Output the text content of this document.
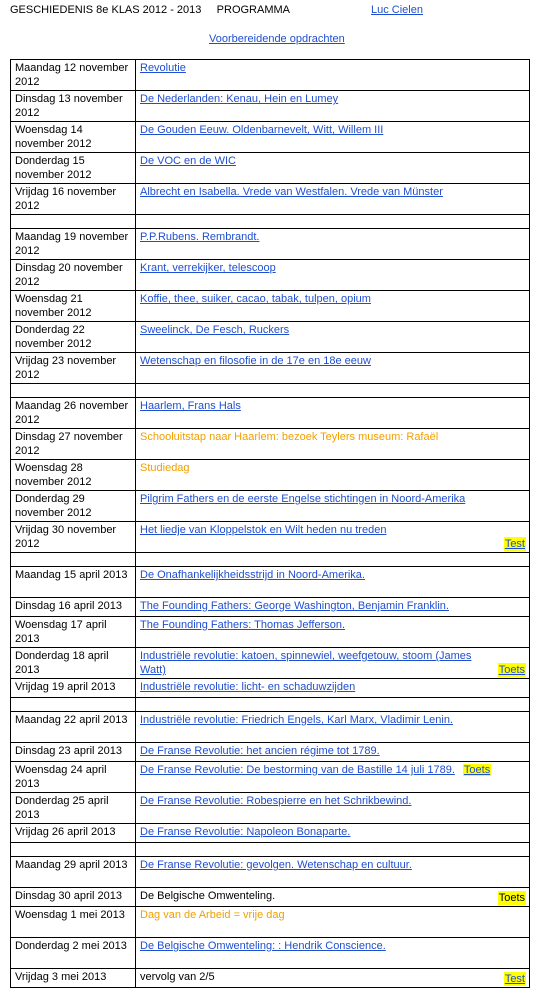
GESCHIEDENIS 8e KLAS 2012 - 2013     PROGRAMMA	Luc Cielen
Voorbereidende opdrachten
Maandag 12 november 2012	Revolutie
Dinsdag 13 november 2012	De Nederlanden: Kenau, Hein en Lumey
Woensdag 14 november 2012	De Gouden Eeuw. Oldenbarnevelt, Witt, Willem III
Donderdag 15 november 2012	De VOC en de WIC
Vrijdag 16 november 2012	Albrecht en Isabella. Vrede van Westfalen. Vrede van Münster

Maandag 19 november 2012	P.P.Rubens. Rembrandt.
Dinsdag 20 november 2012	Krant, verrekijker, telescoop
Woensdag 21 november 2012	Koffie, thee, suiker, cacao, tabak, tulpen, opium
Donderdag 22 november 2012	Sweelinck, De Fesch, Ruckers
Vrijdag 23 november 2012	Wetenschap en filosofie in de 17e en 18e eeuw

Maandag 26 november 2012	Haarlem, Frans Hals
Dinsdag 27 november 2012	Schooluitstap naar Haarlem: bezoek Teylers museum: Rafaël
Woensdag 28 november 2012	Studiedag
Donderdag 29 november 2012	Pilgrim Fathers en de eerste Engelse stichtingen in Noord-Amerika
Vrijdag 30 november 2012	Het liedje van Kloppelstok en Wilt heden nu treden
Test

Maandag 15 april 2013	De Onafhankelijkheidsstrijd in Noord-Amerika.
Dinsdag 16 april 2013	The Founding Fathers: George Washington, Benjamin Franklin.
Woensdag 17 april 2013	The Founding Fathers: Thomas Jefferson.
Donderdag 18 april 2013	Industriële revolutie: katoen, spinnewiel, weefgetouw, stoom (James Watt) Toets

Vrijdag 19 april 2013	Industriële revolutie: licht- en schaduwzijden

Maandag 22 april 2013	Industriële revolutie: Friedrich Engels, Karl Marx, Vladimir Lenin.
Dinsdag 23 april 2013	De Franse Revolutie: het ancien régime tot 1789.
Woensdag 24 april 2013	De Franse Revolutie: De bestorming van de Bastille 14 juli 1789. Toets
Donderdag 25 april 2013	De Franse Revolutie: Robespierre en het Schrikbewind.
Vrijdag 26 april 2013	De Franse Revolutie: Napoleon Bonaparte.

Maandag 29 april 2013	De Franse Revolutie: gevolgen. Wetenschap en cultuur.
Dinsdag 30 april 2013	De Belgische Omwenteling. Toets

Woensdag 1 mei 2013	Dag van de Arbeid = vrije dag
Donderdag 2 mei 2013	De Belgische Omwenteling: : Hendrik Conscience.
Vrijdag 3 mei 2013	vervolg van 2/5 Test
